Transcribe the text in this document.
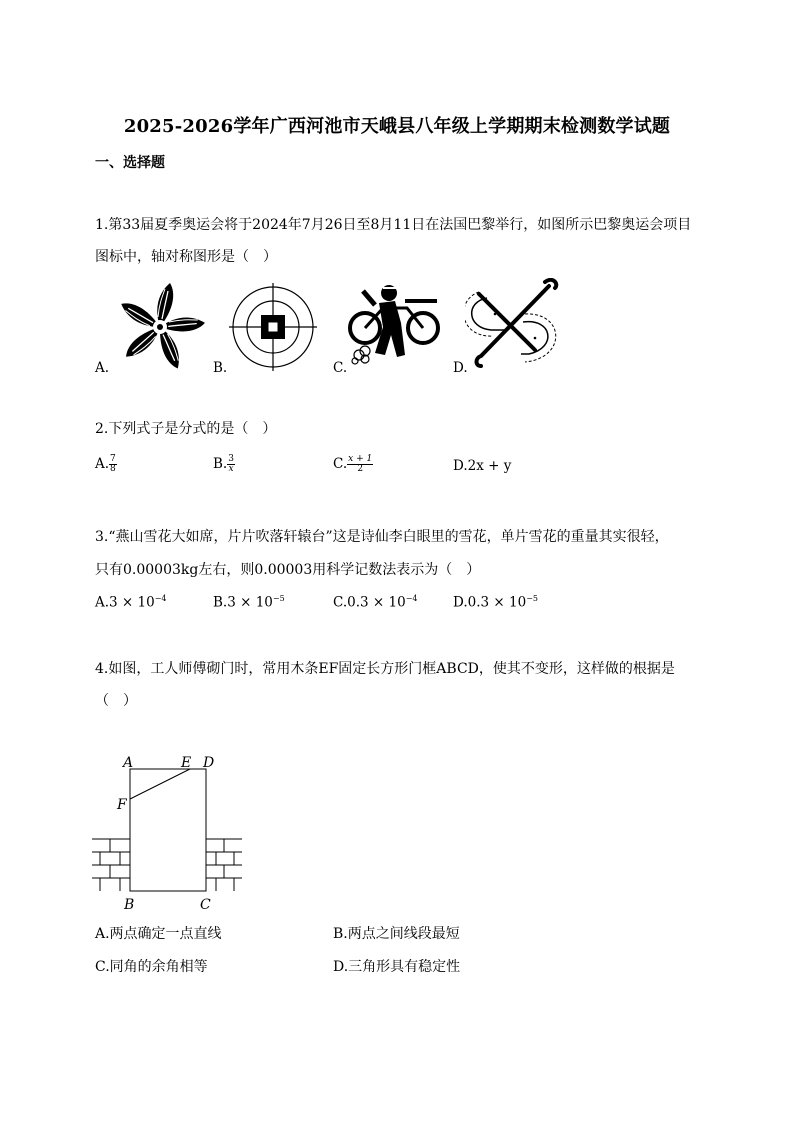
2025-2026学年广西河池市天峨县八年级上学期期末检测数学试题
一、选择题
1.第33届夏季奥运会将于2024年7月26日至8月11日在法国巴黎举行，如图所示巴黎奥运会项目
图标中，轴对称图形是（　）
A.	B.	C.	D.
2.下列式子是分式的是（　）
A. $\frac{7}{8}$	B. $\frac{3}{x}$	C. $\frac{x + 1}{2}$	D.2x + y
3.“燕山雪花大如席，片片吹落轩辕台”这是诗仙李白眼里的雪花，单片雪花的重量其实很轻，
只有0.00003kg左右，则0.00003用科学记数法表示为（　）
$A.3 \times 10^{-4}$	$B.3 \times 10^{-5}$	$C.0.3 \times 10^{-4}$	$D.0.3 \times 10^{-5}$
4.如图，工人师傅砌门时，常用木条EF固定长方形门框ABCD，使其不变形，这样做的根据是
（　）
A	E D
F
B	C
A.两点确定一点直线	B.两点之间线段最短
C.同角的余角相等	D.三角形具有稳定性
